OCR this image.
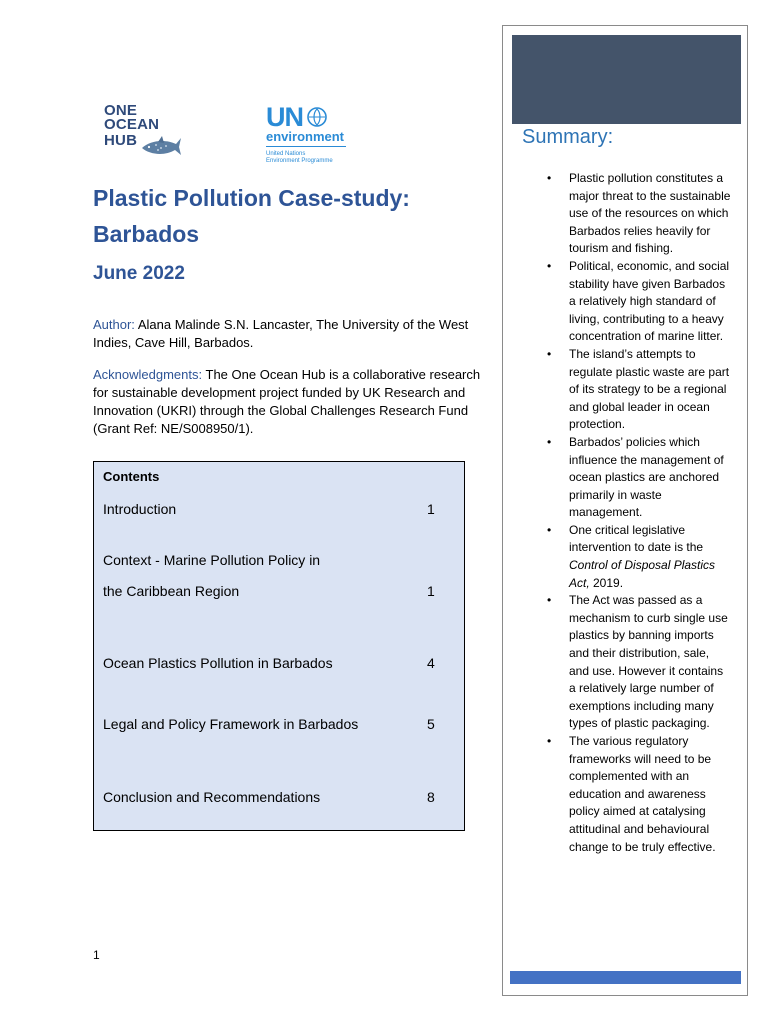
ONE
OCEAN
HUB
UN
environment
United Nations
Environment Programme
Plastic Pollution Case-study:
Barbados
June 2022
Author: Alana Malinde S.N. Lancaster, The University of the West Indies, Cave Hill, Barbados.
Acknowledgments: The One Ocean Hub is a collaborative research for sustainable development project funded by UK Research and Innovation (UKRI) through the Global Challenges Research Fund (Grant Ref: NE/S008950/1).
Contents
Introduction	1
Context - Marine Pollution Policy in
the Caribbean Region	1
Ocean Plastics Pollution in Barbados	4
Legal and Policy Framework in Barbados	5
Conclusion and Recommendations	8
1
Summary:
• Plastic pollution constitutes a major threat to the sustainable use of the resources on which Barbados relies heavily for tourism and fishing.
• Political, economic, and social stability have given Barbados a relatively high standard of living, contributing to a heavy concentration of marine litter.
• The island’s attempts to regulate plastic waste are part of its strategy to be a regional and global leader in ocean protection.
• Barbados’ policies which influence the management of ocean plastics are anchored primarily in waste management.
• One critical legislative intervention to date is the Control of Disposal Plastics Act, 2019.
• The Act was passed as a mechanism to curb single use plastics by banning imports and their distribution, sale, and use. However it contains a relatively large number of exemptions including many types of plastic packaging.
• The various regulatory frameworks will need to be complemented with an education and awareness policy aimed at catalysing attitudinal and behavioural change to be truly effective.
